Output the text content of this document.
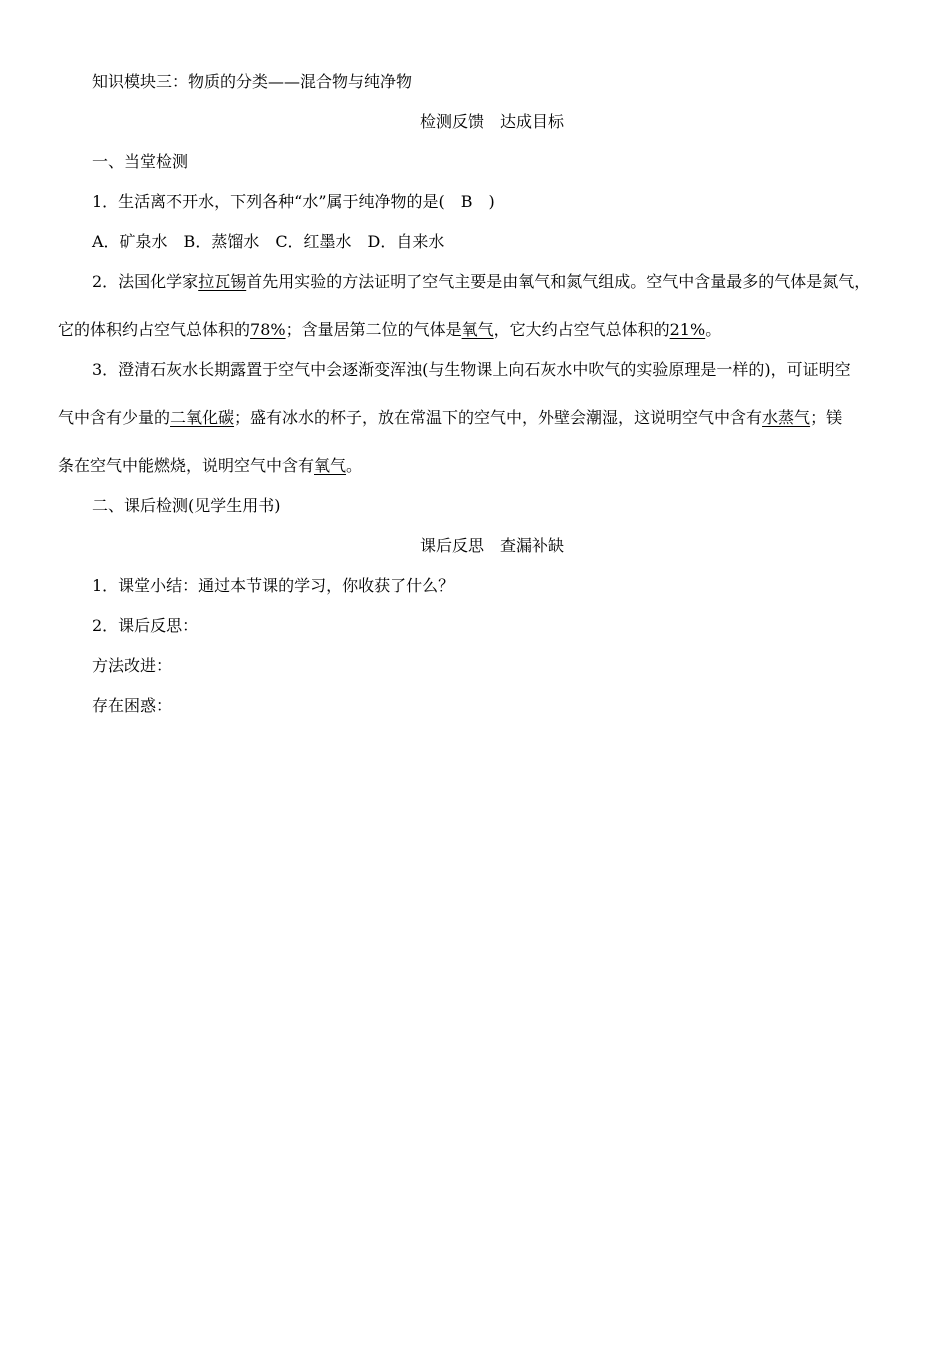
知识模块三：物质的分类——混合物与纯净物
检测反馈　达成目标
一、当堂检测
1．生活离不开水，下列各种“水”属于纯净物的是(　B　)
A．矿泉水　B．蒸馏水　C．红墨水　D．自来水
2．法国化学家拉瓦锡首先用实验的方法证明了空气主要是由氧气和氮气组成。空气中含量最多的气体是氮气，
它的体积约占空气总体积的78%；含量居第二位的气体是氧气，它大约占空气总体积的21%。
3．澄清石灰水长期露置于空气中会逐渐变浑浊(与生物课上向石灰水中吹气的实验原理是一样的)，可证明空
气中含有少量的二氧化碳；盛有冰水的杯子，放在常温下的空气中，外壁会潮湿，这说明空气中含有水蒸气；镁
条在空气中能燃烧，说明空气中含有氧气。
二、课后检测(见学生用书)
课后反思　查漏补缺
1．课堂小结：通过本节课的学习，你收获了什么？
2．课后反思：
方法改进：
存在困惑：
